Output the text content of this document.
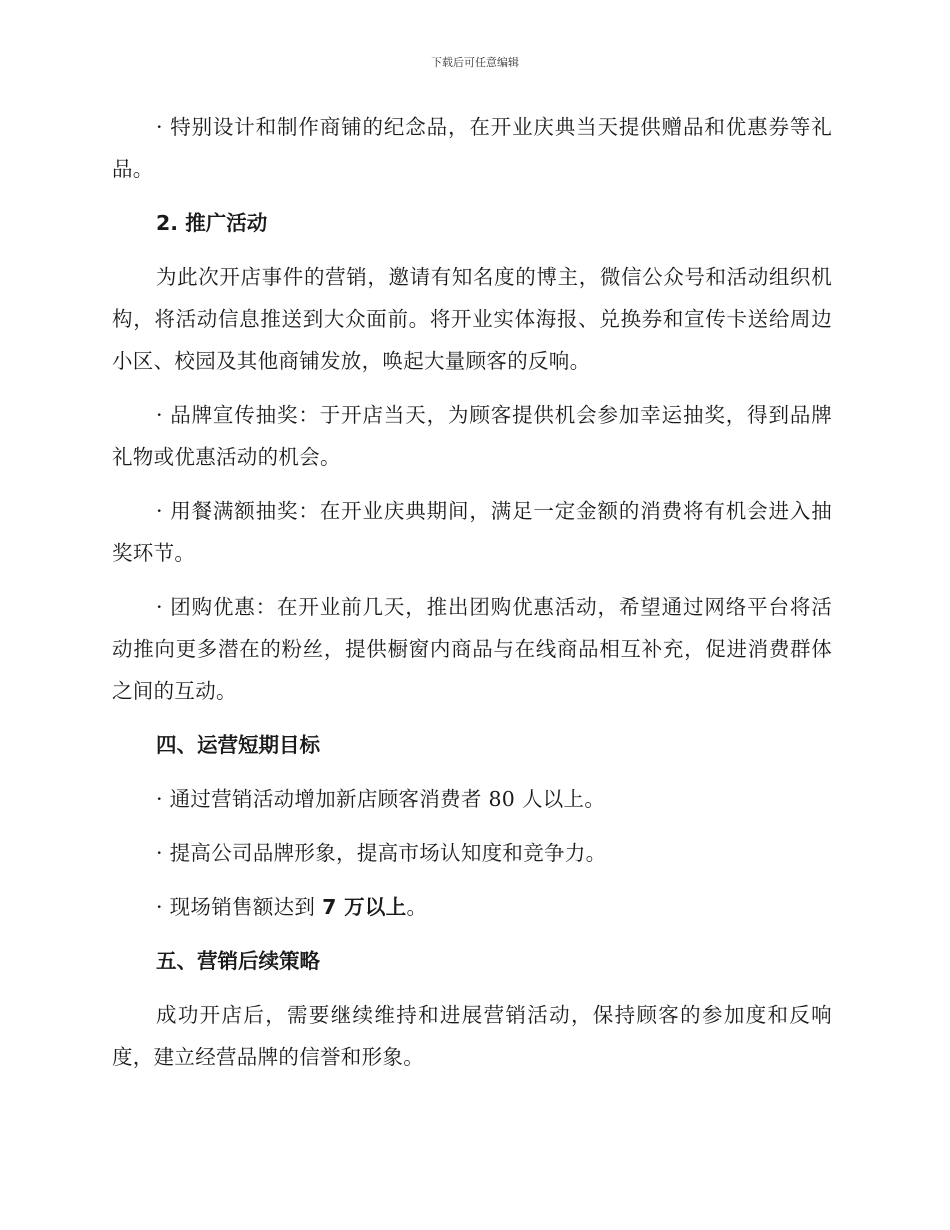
下载后可任意编辑

· 特别设计和制作商铺的纪念品，在开业庆典当天提供赠品和优惠券等礼品。

2. 推广活动

为此次开店事件的营销，邀请有知名度的博主，微信公众号和活动组织机构，将活动信息推送到大众面前。将开业实体海报、兑换券和宣传卡送给周边小区、校园及其他商铺发放，唤起大量顾客的反响。

· 品牌宣传抽奖：于开店当天，为顾客提供机会参加幸运抽奖，得到品牌礼物或优惠活动的机会。

· 用餐满额抽奖：在开业庆典期间，满足一定金额的消费将有机会进入抽奖环节。

· 团购优惠：在开业前几天，推出团购优惠活动，希望通过网络平台将活动推向更多潜在的粉丝，提供橱窗内商品与在线商品相互补充，促进消费群体之间的互动。

四、运营短期目标

· 通过营销活动增加新店顾客消费者 80 人以上。

· 提高公司品牌形象，提高市场认知度和竞争力。

· 现场销售额达到 7 万以上。

五、营销后续策略

成功开店后，需要继续维持和进展营销活动，保持顾客的参加度和反响度，建立经营品牌的信誉和形象。
